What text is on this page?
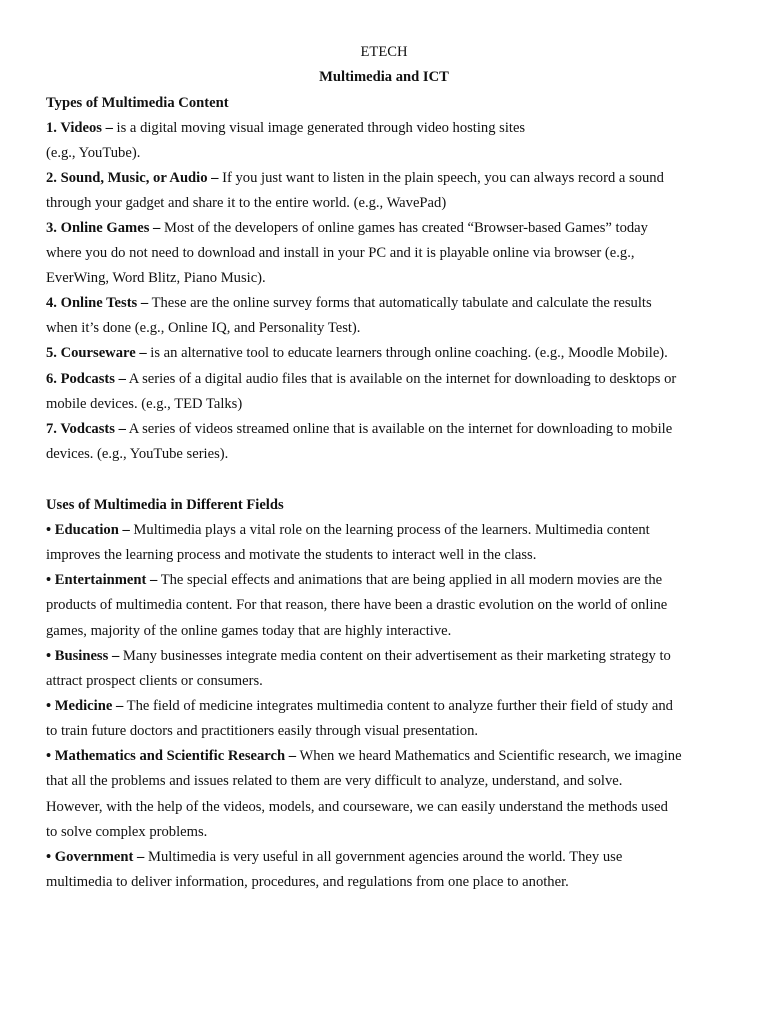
ETECH
Multimedia and ICT
Types of Multimedia Content
1. Videos – is a digital moving visual image generated through video hosting sites
(e.g., YouTube).
2. Sound, Music, or Audio – If you just want to listen in the plain speech, you can always record a sound
through your gadget and share it to the entire world. (e.g., WavePad)
3. Online Games – Most of the developers of online games has created “Browser-based Games” today
where you do not need to download and install in your PC and it is playable online via browser (e.g.,
EverWing, Word Blitz, Piano Music).
4. Online Tests – These are the online survey forms that automatically tabulate and calculate the results
when it’s done (e.g., Online IQ, and Personality Test).
5. Courseware – is an alternative tool to educate learners through online coaching. (e.g., Moodle Mobile).
6. Podcasts – A series of a digital audio files that is available on the internet for downloading to desktops or
mobile devices. (e.g., TED Talks)
7. Vodcasts – A series of videos streamed online that is available on the internet for downloading to mobile
devices. (e.g., YouTube series).
Uses of Multimedia in Different Fields
• Education – Multimedia plays a vital role on the learning process of the learners. Multimedia content
improves the learning process and motivate the students to interact well in the class.
• Entertainment – The special effects and animations that are being applied in all modern movies are the
products of multimedia content. For that reason, there have been a drastic evolution on the world of online
games, majority of the online games today that are highly interactive.
• Business – Many businesses integrate media content on their advertisement as their marketing strategy to
attract prospect clients or consumers.
• Medicine – The field of medicine integrates multimedia content to analyze further their field of study and
to train future doctors and practitioners easily through visual presentation.
• Mathematics and Scientific Research – When we heard Mathematics and Scientific research, we imagine
that all the problems and issues related to them are very difficult to analyze, understand, and solve.
However, with the help of the videos, models, and courseware, we can easily understand the methods used
to solve complex problems.
• Government – Multimedia is very useful in all government agencies around the world. They use
multimedia to deliver information, procedures, and regulations from one place to another.
